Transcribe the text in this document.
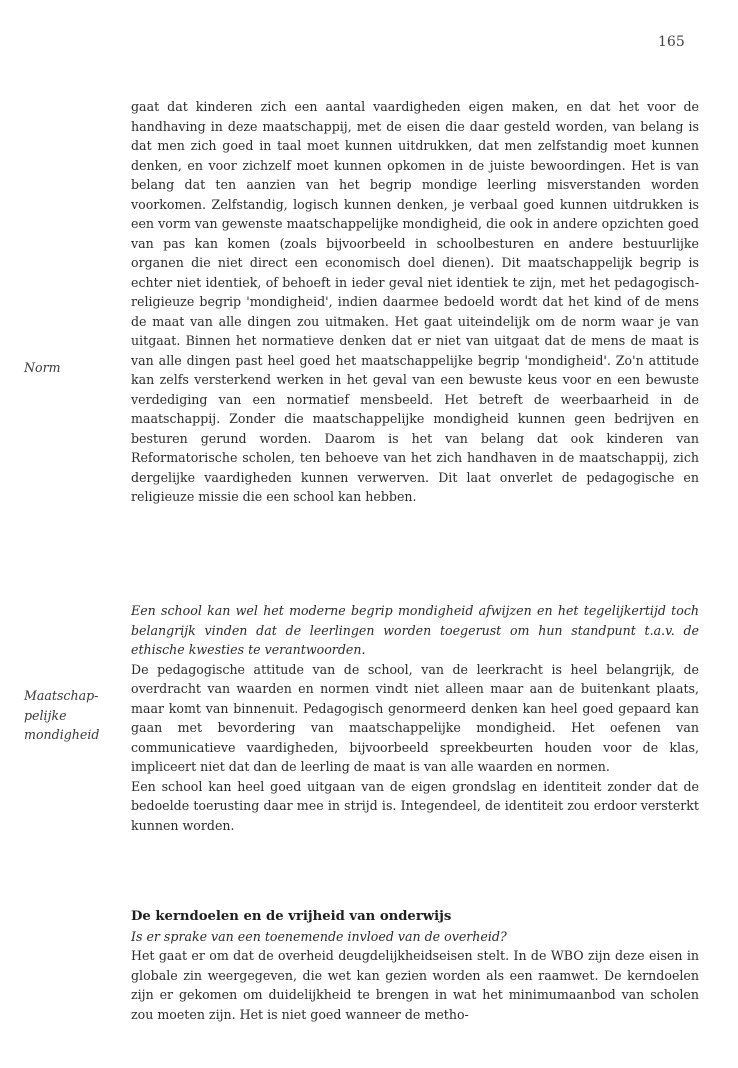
165
Norm
Maatschap-
pelijke
mondigheid

gaat dat kinderen zich een aantal vaardigheden eigen maken, en dat het voor de handhaving in deze maatschappij, met de eisen die daar gesteld worden, van belang is dat men zich goed in taal moet kunnen uitdrukken, dat men zelfstandig moet kunnen denken, en voor zichzelf moet kunnen opkomen in de juiste bewoordingen. Het is van belang dat ten aanzien van het begrip mondige leerling misverstanden worden voorkomen. Zelfstandig, logisch kunnen denken, je verbaal goed kunnen uitdrukken is een vorm van gewenste maatschappelijke mondigheid, die ook in andere opzichten goed van pas kan komen (zoals bijvoorbeeld in schoolbesturen en andere bestuurlijke organen die niet direct een economisch doel dienen). Dit maatschappelijk begrip is echter niet identiek, of behoeft in ieder geval niet identiek te zijn, met het pedagogisch-religieuze begrip 'mondigheid', indien daarmee bedoeld wordt dat het kind of de mens de maat van alle dingen zou uitmaken. Het gaat uiteindelijk om de norm waar je van uitgaat. Binnen het normatieve denken dat er niet van uitgaat dat de mens de maat is van alle dingen past heel goed het maatschappelijke begrip 'mondigheid'. Zo'n attitude kan zelfs versterkend werken in het geval van een bewuste keus voor en een bewuste verdediging van een normatief mensbeeld. Het betreft de weerbaarheid in de maatschappij. Zonder die maatschappelijke mondigheid kunnen geen bedrijven en besturen gerund worden. Daarom is het van belang dat ook kinderen van Reformatorische scholen, ten behoeve van het zich handhaven in de maatschappij, zich dergelijke vaardigheden kunnen verwerven. Dit laat onverlet de pedagogische en religieuze missie die een school kan hebben.

Een school kan wel het moderne begrip mondigheid afwijzen en het tegelijkertijd toch belangrijk vinden dat de leerlingen worden toegerust om hun standpunt t.a.v. de ethische kwesties te verantwoorden.

De pedagogische attitude van de school, van de leerkracht is heel belangrijk, de overdracht van waarden en normen vindt niet alleen maar aan de buitenkant plaats, maar komt van binnenuit. Pedagogisch genormeerd denken kan heel goed gepaard kan gaan met bevordering van maatschappelijke mondigheid. Het oefenen van communicatieve vaardigheden, bijvoorbeeld spreekbeurten houden voor de klas, impliceert niet dat dan de leerling de maat is van alle waarden en normen.

Een school kan heel goed uitgaan van de eigen grondslag en identiteit zonder dat de bedoelde toerusting daar mee in strijd is. Integendeel, de identiteit zou erdoor versterkt kunnen worden.

De kerndoelen en de vrijheid van onderwijs

Is er sprake van een toenemende invloed van de overheid?

Het gaat er om dat de overheid deugdelijkheidseisen stelt. In de WBO zijn deze eisen in globale zin weergegeven, die wet kan gezien worden als een raamwet. De kerndoelen zijn er gekomen om duidelijkheid te brengen in wat het minimumaanbod van scholen zou moeten zijn. Het is niet goed wanneer de metho-
